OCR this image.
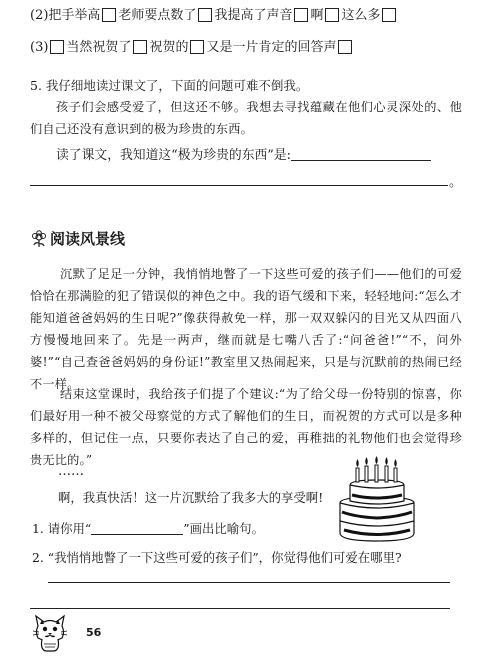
(2)把手举高 老师要点数了 我提高了声音 啊 这么多
(3) 当然祝贺了 祝贺的 又是一片肯定的回答声
5. 我仔细地读过课文了，下面的问题可难不倒我。
孩子们会感受爱了，但这还不够。我想去寻找蕴藏在他们心灵深处的、他们自己还没有意识到的极为珍贵的东西。
读了课文，我知道这“极为珍贵的东西”是:
。
阅读风景线
沉默了足足一分钟，我悄悄地瞥了一下这些可爱的孩子们——他们的可爱恰恰在那满脸的犯了错误似的神色之中。我的语气缓和下来，轻轻地问:“怎么才能知道爸爸妈妈的生日呢?”像获得赦免一样，那一双双躲闪的目光又从四面八方慢慢地回来了。先是一两声，继而就是七嘴八舌了:“问爸爸!”“不，问外婆!”“自己查爸爸妈妈的身份证!”教室里又热闹起来，只是与沉默前的热闹已经不一样。
结束这堂课时，我给孩子们提了个建议:“为了给父母一份特别的惊喜，你们最好用一种不被父母察觉的方式了解他们的生日，而祝贺的方式可以是多种多样的，但记住一点，只要你表达了自己的爱，再稚拙的礼物他们也会觉得珍贵无比的。”
……
啊，我真快活！这一片沉默给了我多大的享受啊!
1. 请你用“	”画出比喻句。
2. “我悄悄地瞥了一下这些可爱的孩子们”，你觉得他们可爱在哪里?
56
